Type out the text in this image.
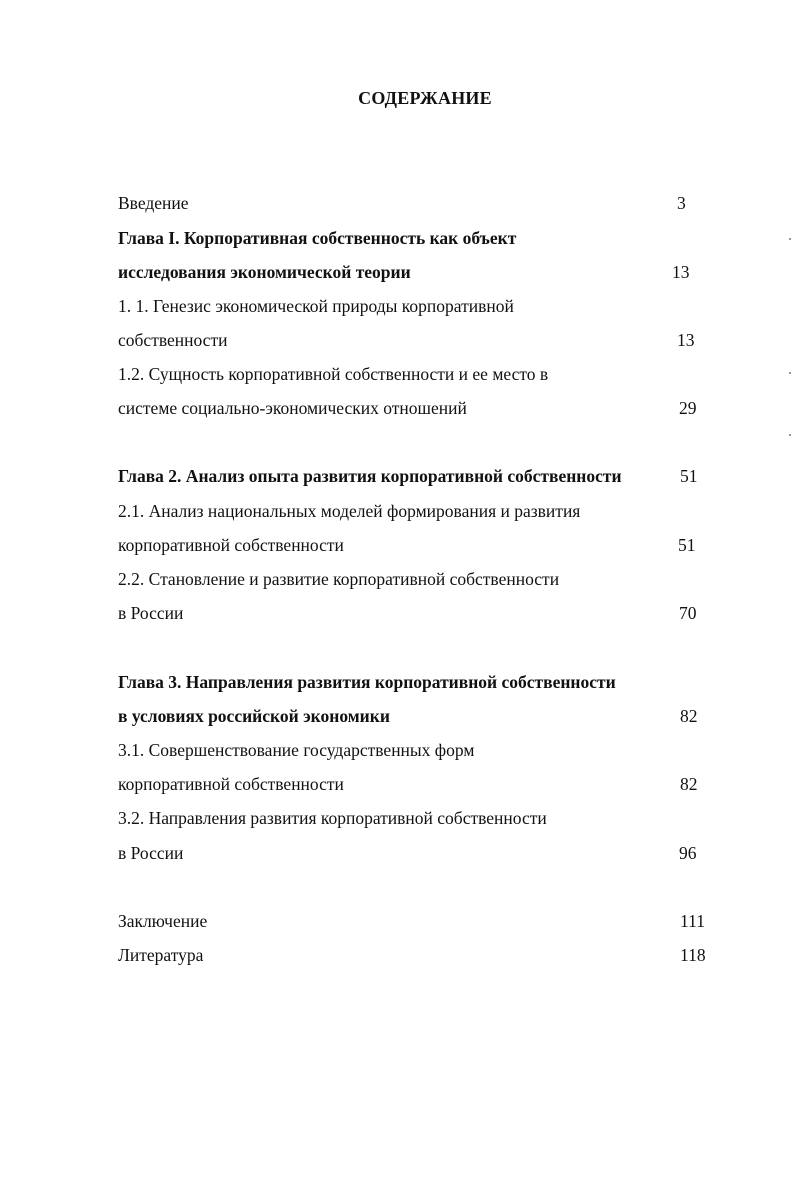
СОДЕРЖАНИЕ
Введение	3
Глава I. Корпоративная собственность как объект
исследования экономической теории	13
1. 1. Генезис экономической природы корпоративной
собственности	13
1.2. Сущность корпоративной собственности и ее место в
системе социально-экономических отношений	29
Глава 2. Анализ опыта развития корпоративной собственности	51
2.1. Анализ национальных моделей формирования и развития
корпоративной собственности	51
2.2. Становление и развитие корпоративной собственности
в России	70
Глава 3. Направления развития корпоративной собственности
в условиях российской экономики	82
3.1. Совершенствование государственных форм
корпоративной собственности	82
3.2. Направления развития корпоративной собственности
в России	96
Заключение	111
Литература	118
